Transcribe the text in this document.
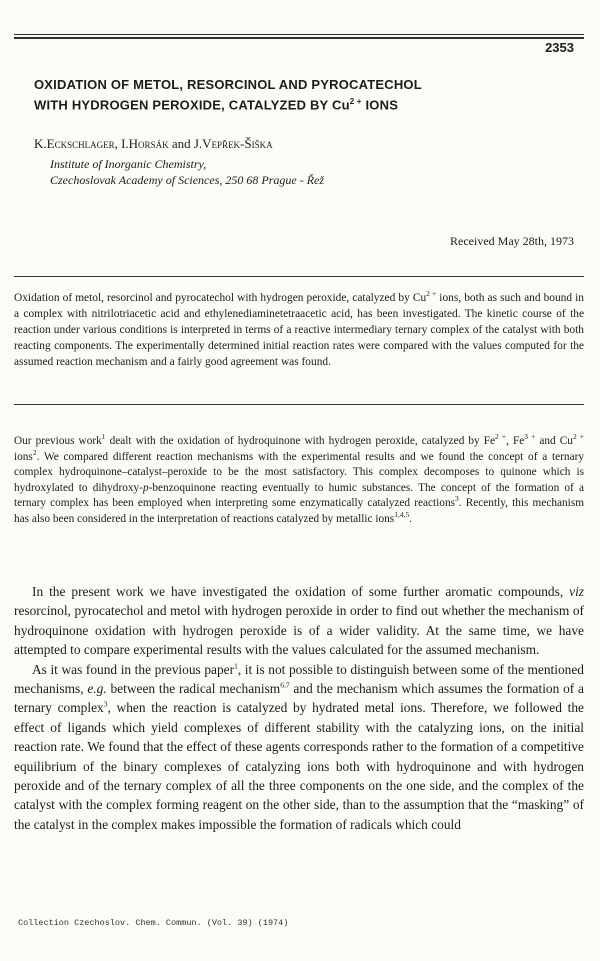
2353
OXIDATION OF METOL, RESORCINOL AND PYROCATECHOL
WITH HYDROGEN PEROXIDE, CATALYZED BY $Cu^{2 +}$ IONS
K.Eckschlager, I.Horsák and J.Vepřek-Šiška
Institute of Inorganic Chemistry,
Czechoslovak Academy of Sciences, 250 68 Prague - Řež
Received May 28th, 1973
Oxidation of metol, resorcinol and pyrocatechol with hydrogen peroxide, catalyzed by $Cu^{2 +}$ ions, both as such and bound in a complex with nitrilotriacetic acid and ethylenediaminetetraacetic acid, has been investigated. The kinetic course of the reaction under various conditions is interpreted in terms of a reactive intermediary ternary complex of the catalyst with both reacting components. The experimentally determined initial reaction rates were compared with the values computed for the assumed reaction mechanism and a fairly good agreement was found.
Our previous work$^1$ dealt with the oxidation of hydroquinone with hydrogen peroxide, catalyzed by $Fe^{2 +}$, $Fe^{3 +}$ and $Cu^{2 +}$ ions$^2$. We compared different reaction mechanisms with the experimental results and we found the concept of a ternary complex hydroquinone–catalyst–peroxide to be the most satisfactory. This complex decomposes to quinone which is hydroxylated to dihydroxy-p-benzoquinone reacting eventually to humic substances. The concept of the formation of a ternary complex has been employed when interpreting some enzymatically catalyzed reactions$^3$. Recently, this mechanism has also been considered in the interpretation of reactions catalyzed by metallic ions$^{1,4,5}$.

In the present work we have investigated the oxidation of some further aromatic compounds, viz resorcinol, pyrocatechol and metol with hydrogen peroxide in order to find out whether the mechanism of hydroquinone oxidation with hydrogen peroxide is of a wider validity. At the same time, we have attempted to compare experimental results with the values calculated for the assumed mechanism.

As it was found in the previous paper$^1$, it is not possible to distinguish between some of the mentioned mechanisms, e.g. between the radical mechanism$^{6,7}$ and the mechanism which assumes the formation of a ternary complex$^3$, when the reaction is catalyzed by hydrated metal ions. Therefore, we followed the effect of ligands which yield complexes of different stability with the catalyzing ions, on the initial reaction rate. We found that the effect of these agents corresponds rather to the formation of a competitive equilibrium of the binary complexes of catalyzing ions both with hydroquinone and with hydrogen peroxide and of the ternary complex of all the three components on the one side, and the complex of the catalyst with the complex forming reagent on the other side, than to the assumption that the “masking” of the catalyst in the complex makes impossible the formation of radicals which could

Collection Czechoslov. Chem. Commun. (Vol. 39) (1974)
